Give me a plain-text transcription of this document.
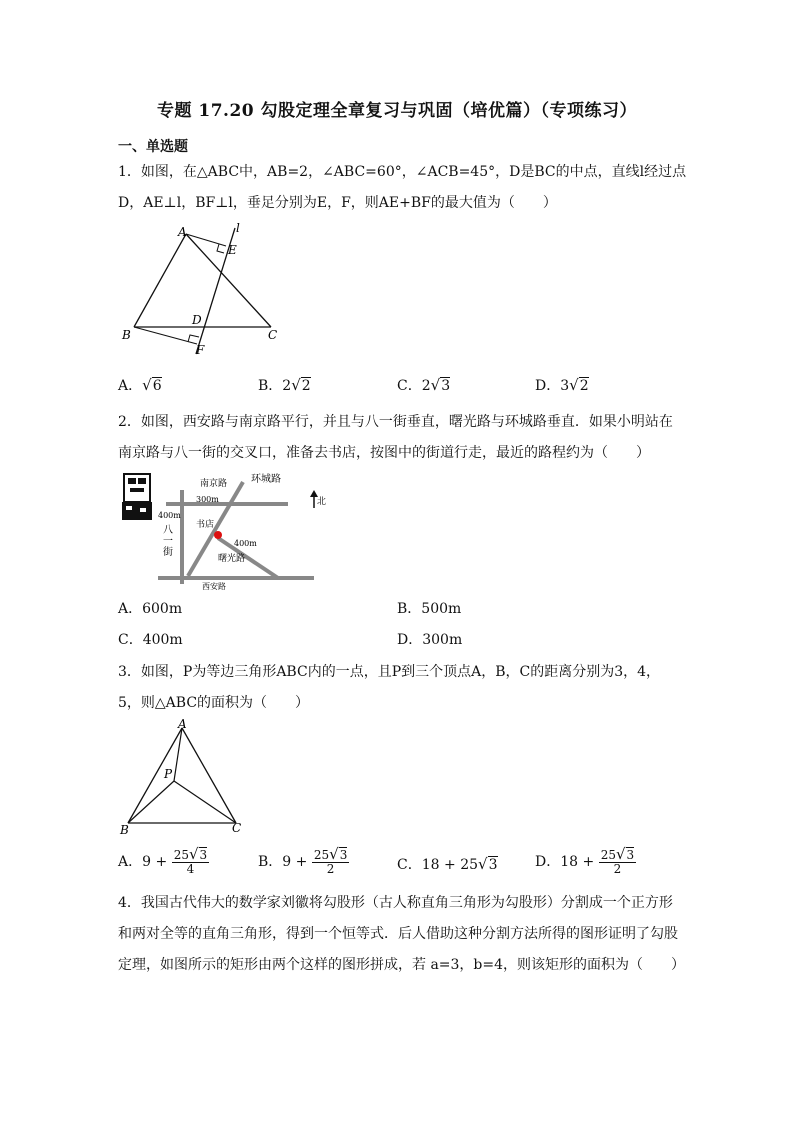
专题 17.20 勾股定理全章复习与巩固（培优篇）（专项练习）
一、单选题
1．如图，在△ABC中，AB=2，∠ABC=60°，∠ACB=45°，D是BC的中点，直线l经过点
D，AE⊥l，BF⊥l，垂足分别为E，F，则AE+BF的最大值为（　　）
A	l
E
B
D
C
F
A．√6	B．2√2	C．2√3	D．3√2
2．如图，西安路与南京路平行，并且与八一街垂直，曙光路与环城路垂直．如果小明站在
南京路与八一街的交叉口，准备去书店，按图中的街道行走，最近的路程约为（　　）
北
南京路 环城路
300m
400m
八
一
街
书店
400m
曙光路
西安路
A．600m	B．500m
C．400m	D．300m
3．如图，P为等边三角形ABC内的一点，且P到三个顶点A，B，C的距离分别为3，4，
5，则△ABC的面积为（　　）
A
P
B	C
A．$9 + \frac{25√3}{4}$	B．$9 + \frac{25√3}{2}$	C．18 + 25√3	D．$18 + \frac{25√3}{2}$
4．我国古代伟大的数学家刘徽将勾股形（古人称直角三角形为勾股形）分割成一个正方形
和两对全等的直角三角形，得到一个恒等式．后人借助这种分割方法所得的图形证明了勾股
定理，如图所示的矩形由两个这样的图形拼成，若 a=3，b=4，则该矩形的面积为（　　）
